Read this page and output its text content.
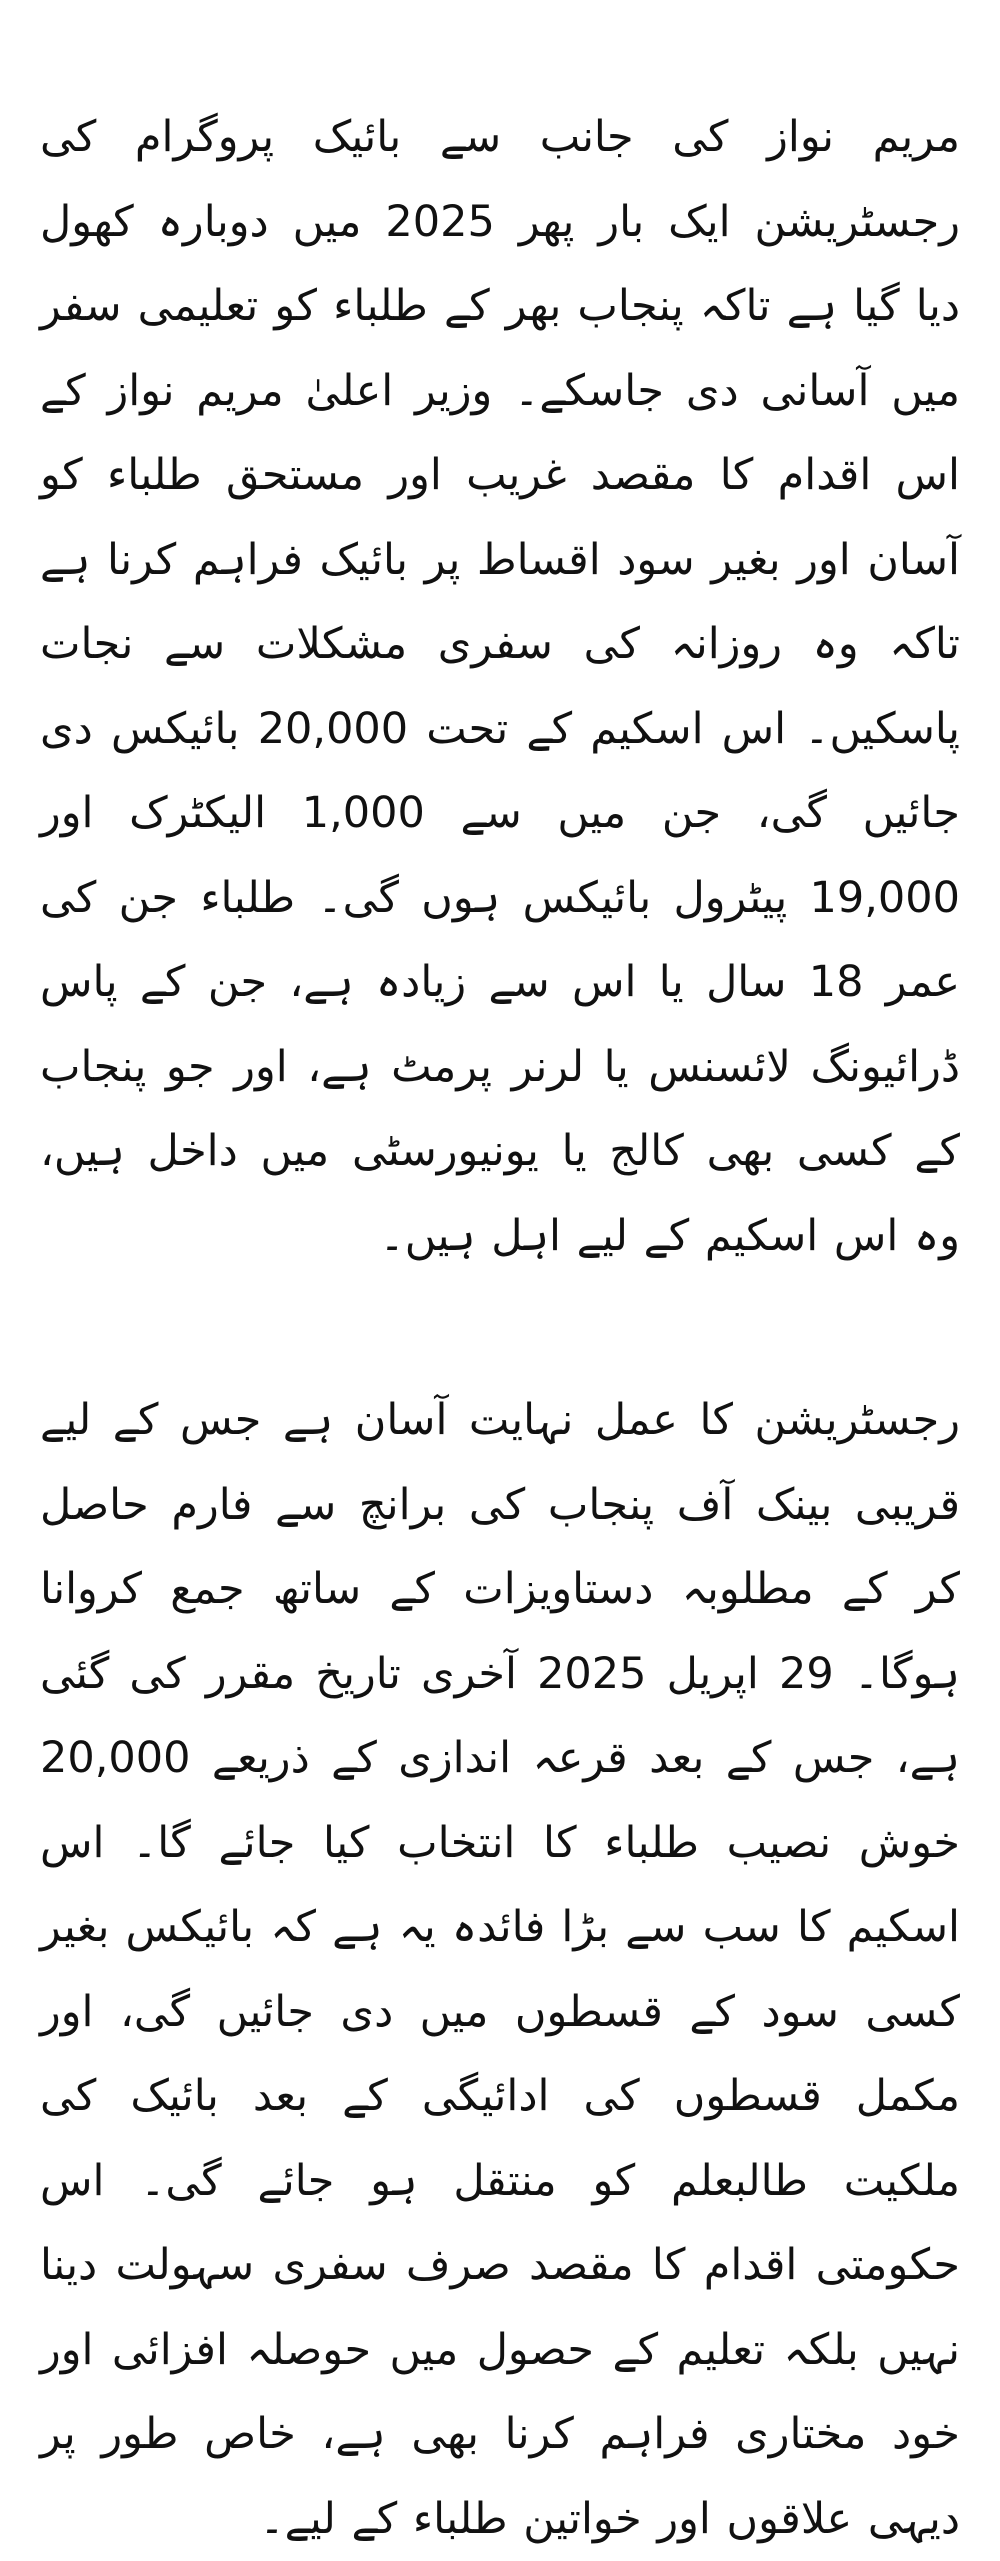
مریم نواز کی جانب سے بائیک پروگرام کی رجسٹریشن ایک بار پھر 2025 میں دوبارہ کھول دیا گیا ہے تاکہ پنجاب بھر کے طلباء کو تعلیمی سفر میں آسانی دی جاسکے۔ وزیر اعلیٰ مریم نواز کے اس اقدام کا مقصد غریب اور مستحق طلباء کو آسان اور بغیر سود اقساط پر بائیک فراہم کرنا ہے تاکہ وہ روزانہ کی سفری مشکلات سے نجات پاسکیں۔ اس اسکیم کے تحت 20,000 بائیکس دی جائیں گی، جن میں سے 1,000 الیکٹرک اور 19,000 پیٹرول بائیکس ہوں گی۔ طلباء جن کی عمر 18 سال یا اس سے زیادہ ہے، جن کے پاس ڈرائیونگ لائسنس یا لرنر پرمٹ ہے، اور جو پنجاب کے کسی بھی کالج یا یونیورسٹی میں داخل ہیں، وہ اس اسکیم کے لیے اہل ہیں۔

رجسٹریشن کا عمل نہایت آسان ہے جس کے لیے قریبی بینک آف پنجاب کی برانچ سے فارم حاصل کر کے مطلوبہ دستاویزات کے ساتھ جمع کروانا ہوگا۔ 29 اپریل 2025 آخری تاریخ مقرر کی گئی ہے، جس کے بعد قرعہ اندازی کے ذریعے 20,000 خوش نصیب طلباء کا انتخاب کیا جائے گا۔ اس اسکیم کا سب سے بڑا فائدہ یہ ہے کہ بائیکس بغیر کسی سود کے قسطوں میں دی جائیں گی، اور مکمل قسطوں کی ادائیگی کے بعد بائیک کی ملکیت طالبعلم کو منتقل ہو جائے گی۔ اس حکومتی اقدام کا مقصد صرف سفری سہولت دینا نہیں بلکہ تعلیم کے حصول میں حوصلہ افزائی اور خود مختاری فراہم کرنا بھی ہے، خاص طور پر دیہی علاقوں اور خواتین طلباء کے لیے۔
